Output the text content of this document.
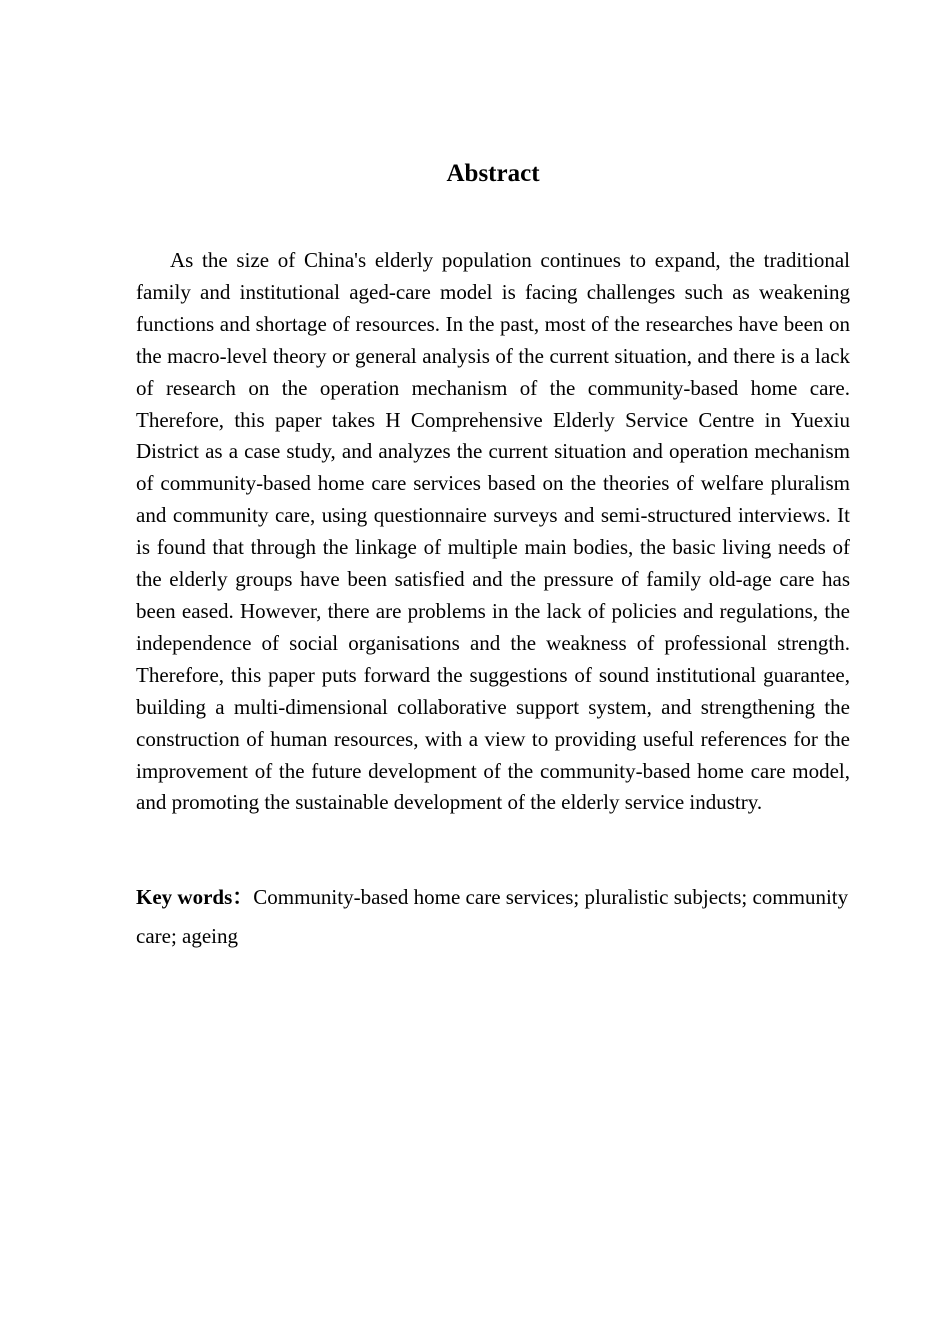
Abstract

As the size of China's elderly population continues to expand, the traditional family and institutional aged-care model is facing challenges such as weakening functions and shortage of resources. In the past, most of the researches have been on the macro-level theory or general analysis of the current situation, and there is a lack of research on the operation mechanism of the community-based home care. Therefore, this paper takes H Comprehensive Elderly Service Centre in Yuexiu District as a case study, and analyzes the current situation and operation mechanism of community-based home care services based on the theories of welfare pluralism and community care, using questionnaire surveys and semi-structured interviews. It is found that through the linkage of multiple main bodies, the basic living needs of the elderly groups have been satisfied and the pressure of family old-age care has been eased. However, there are problems in the lack of policies and regulations, the independence of social organisations and the weakness of professional strength. Therefore, this paper puts forward the suggestions of sound institutional guarantee, building a multi-dimensional collaborative support system, and strengthening the construction of human resources, with a view to providing useful references for the improvement of the future development of the community-based home care model, and promoting the sustainable development of the elderly service industry.

Key words：Community-based home care services; pluralistic subjects; community care; ageing
